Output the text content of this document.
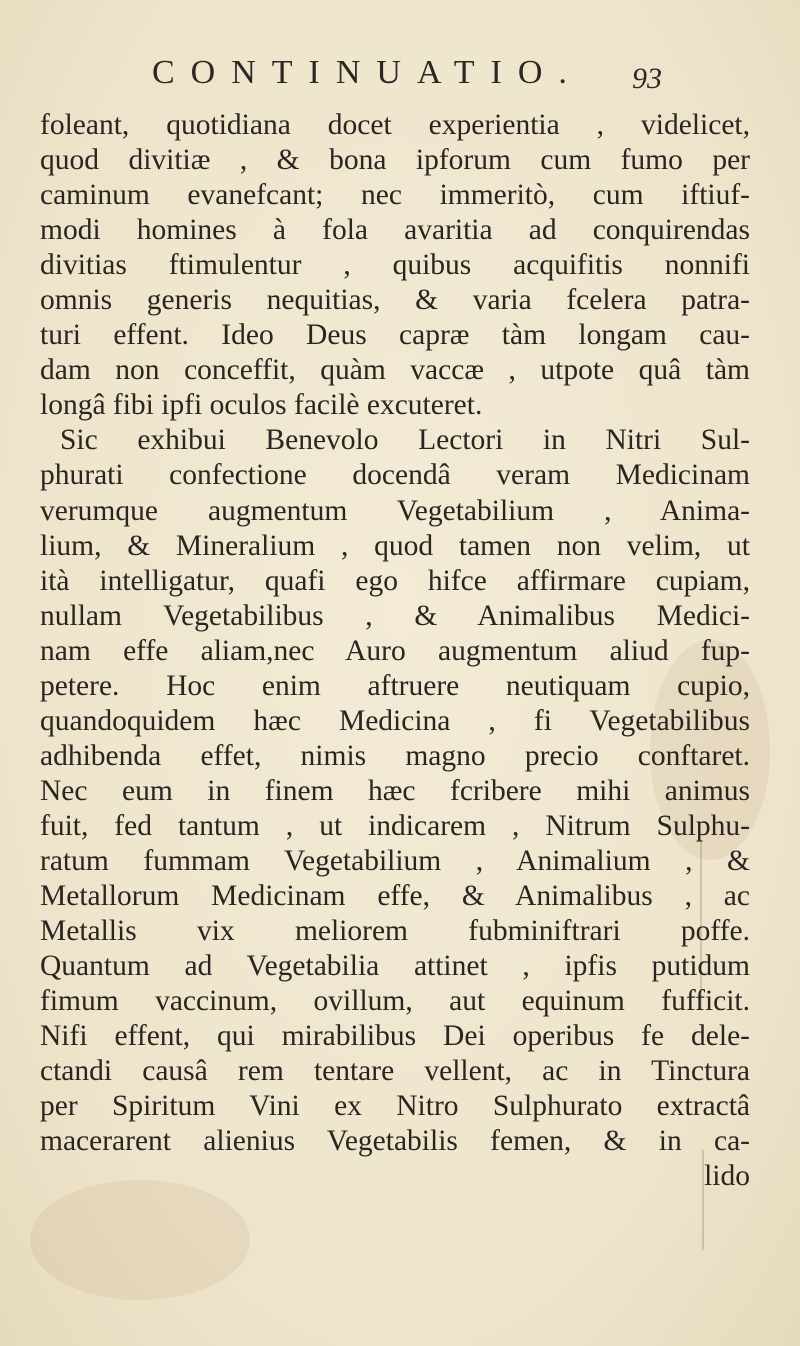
CONTINUATIO. 93
foleant, quotidiana docet experientia , videlicet,
quod divitiæ , & bona ipforum cum fumo per
caminum evanefcant; nec immeritò, cum iftiuf-
modi homines à fola avaritia ad conquirendas
divitias ftimulentur , quibus acquifitis nonnifi
omnis generis nequitias, & varia fcelera patra-
turi effent. Ideo Deus capræ tàm longam cau-
dam non conceffit, quàm vaccæ , utpote quâ tàm
longâ fibi ipfi oculos facilè excuteret.
Sic exhibui Benevolo Lectori in Nitri Sul-
phurati confectione docendâ veram Medicinam
verumque augmentum Vegetabilium , Anima-
lium, & Mineralium , quod tamen non velim, ut
ità intelligatur, quafi ego hifce affirmare cupiam,
nullam Vegetabilibus , & Animalibus Medici-
nam effe aliam,nec Auro augmentum aliud fup-
petere. Hoc enim aftruere neutiquam cupio,
quandoquidem hæc Medicina , fi Vegetabilibus
adhibenda effet, nimis magno precio conftaret.
Nec eum in finem hæc fcribere mihi animus
fuit, fed tantum , ut indicarem , Nitrum Sulphu-
ratum fummam Vegetabilium , Animalium , &
Metallorum Medicinam effe, & Animalibus , ac
Metallis vix meliorem fubminiftrari poffe.
Quantum ad Vegetabilia attinet , ipfis putidum
fimum vaccinum, ovillum, aut equinum fufficit.
Nifi effent, qui mirabilibus Dei operibus fe dele-
ctandi causâ rem tentare vellent, ac in Tinctura
per Spiritum Vini ex Nitro Sulphurato extractâ
macerarent alienius Vegetabilis femen, & in ca-
lido
